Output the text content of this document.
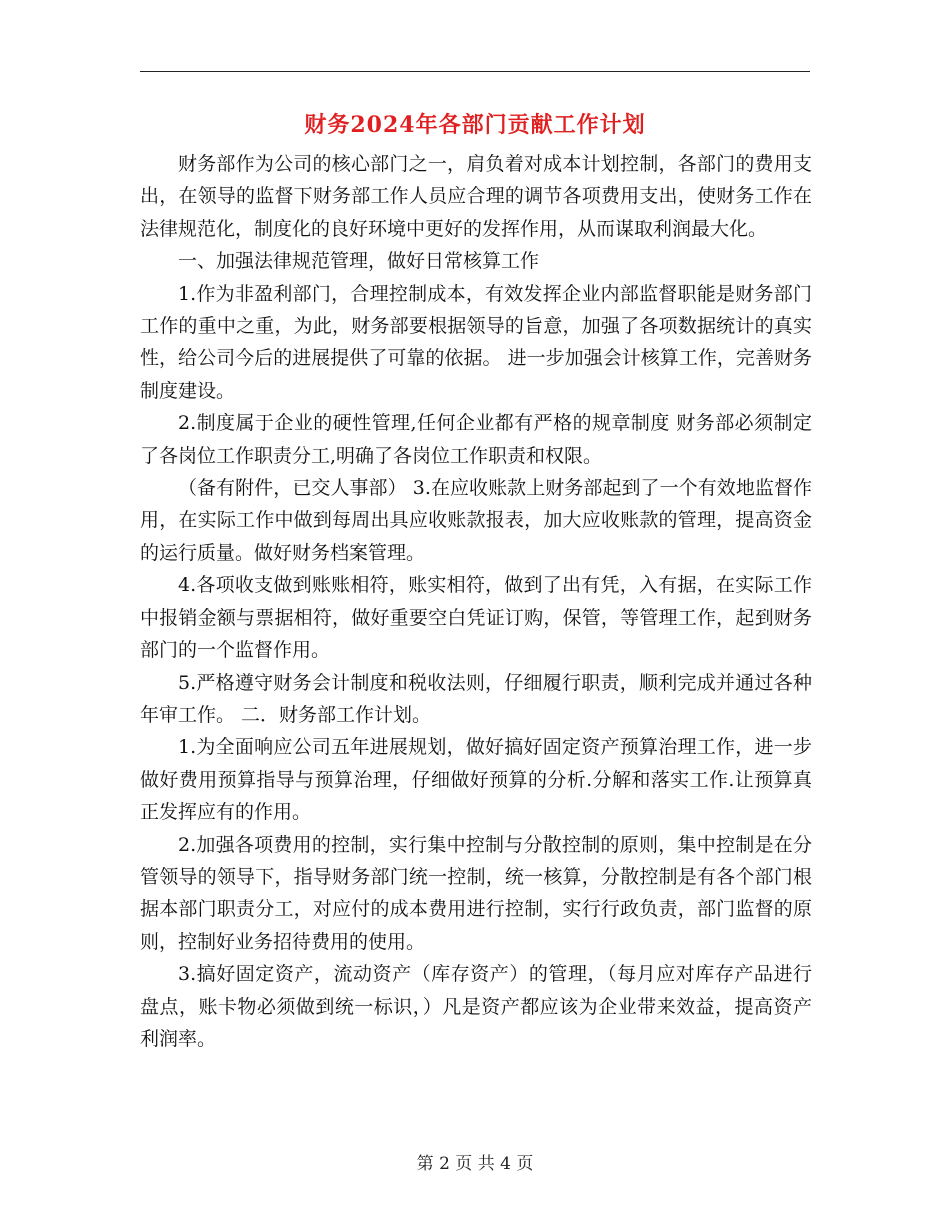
财务2024年各部门贡献工作计划

财务部作为公司的核心部门之一，肩负着对成本计划控制，各部门的费用支出，在领导的监督下财务部工作人员应合理的调节各项费用支出，使财务工作在法律规范化，制度化的良好环境中更好的发挥作用，从而谋取利润最大化。

一、加强法律规范管理，做好日常核算工作

1.作为非盈利部门，合理控制成本，有效发挥企业内部监督职能是财务部门工作的重中之重，为此，财务部要根据领导的旨意，加强了各项数据统计的真实性，给公司今后的进展提供了可靠的依据。 进一步加强会计核算工作，完善财务制度建设。

2.制度属于企业的硬性管理,任何企业都有严格的规章制度 财务部必须制定了各岗位工作职责分工,明确了各岗位工作职责和权限。

（备有附件，已交人事部） 3.在应收账款上财务部起到了一个有效地监督作用，在实际工作中做到每周出具应收账款报表，加大应收账款的管理，提高资金的运行质量。做好财务档案管理。

4.各项收支做到账账相符，账实相符，做到了出有凭，入有据，在实际工作中报销金额与票据相符，做好重要空白凭证订购，保管，等管理工作，起到财务部门的一个监督作用。

5.严格遵守财务会计制度和税收法则，仔细履行职责，顺利完成并通过各种年审工作。 二．财务部工作计划。

1.为全面响应公司五年进展规划，做好搞好固定资产预算治理工作，进一步做好费用预算指导与预算治理，仔细做好预算的分析.分解和落实工作.让预算真正发挥应有的作用。

2.加强各项费用的控制，实行集中控制与分散控制的原则，集中控制是在分管领导的领导下，指导财务部门统一控制，统一核算，分散控制是有各个部门根据本部门职责分工，对应付的成本费用进行控制，实行行政负责，部门监督的原则，控制好业务招待费用的使用。

3.搞好固定资产，流动资产（库存资产）的管理，（每月应对库存产品进行盘点，账卡物必须做到统一标识，）凡是资产都应该为企业带来效益，提高资产利润率。

第 2 页 共 4 页
